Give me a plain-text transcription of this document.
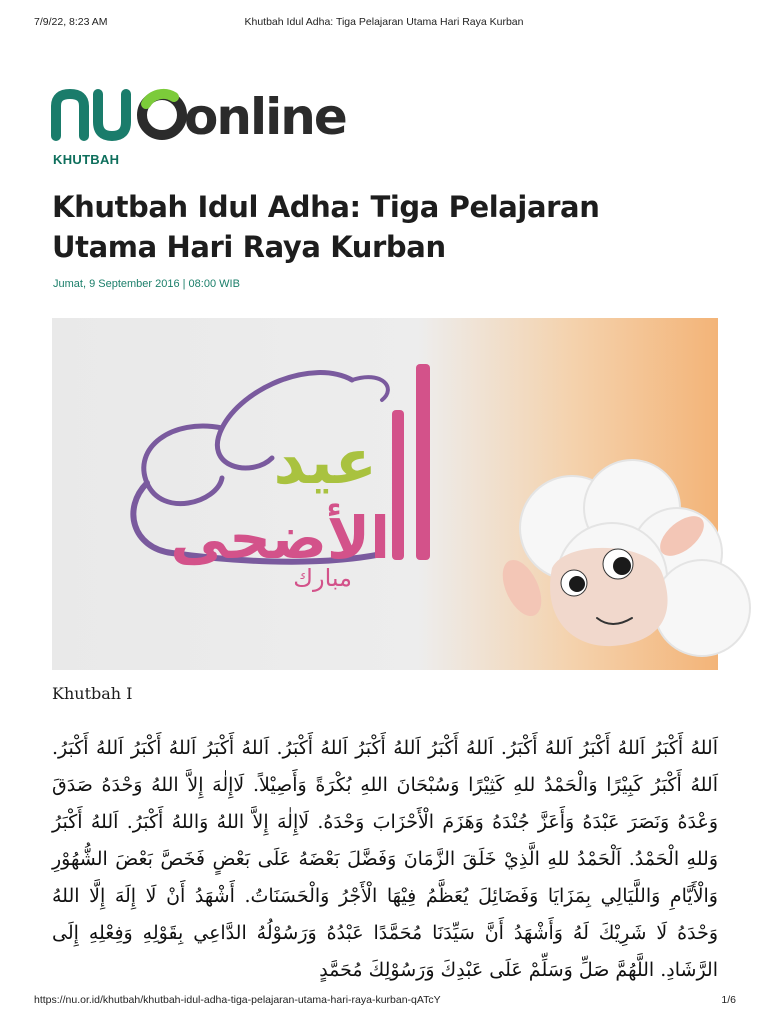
7/9/22, 8:23 AM	Khutbah Idul Adha: Tiga Pelajaran Utama Hari Raya Kurban
online
KHUTBAH
Khutbah Idul Adha: Tiga Pelajaran Utama Hari Raya Kurban
Jumat, 9 September 2016 | 08:00 WIB
عيد
الأضحى
مبارك
Khutbah I

اَللهُ أَكْبَرُ اَللهُ أَكْبَرُ اَللهُ أَكْبَرُ. اَللهُ أَكْبَرُ اَللهُ أَكْبَرُ اَللهُ أَكْبَرُ. اَللهُ أَكْبَرُ اَللهُ أَكْبَرُ اَللهُ أَكْبَرُ. اَللهُ أَكْبَرُ كَبِيْرًا وَالْحَمْدُ للهِ كَثِيْرًا وَسُبْحَانَ اللهِ بُكْرَةً وَأَصِيْلاً. لَاإِلٰهَ إِلاَّ اللهُ وَحْدَهُ صَدَقَ وَعْدَهُ وَنَصَرَ عَبْدَهُ وَأَعَزَّ جُنْدَهُ وَهَزَمَ الْأَحْزَابَ وَحْدَهُ. لَاإِلٰهَ إِلاَّ اللهُ وَاللهُ أَكْبَرُ. اَللهُ أَكْبَرُ وَللهِ الْحَمْدُ. اَلْحَمْدُ للهِ الَّذِيْ خَلَقَ الزَّمَانَ وَفَضَّلَ بَعْضَهُ عَلَى بَعْضٍ فَخَصَّ بَعْضَ الشُّهُوْرِ وَالْأَيَّامِ وَاللَّيَالِي بِمَزَايَا وَفَضَائِلَ يُعَظَّمُ فِيْهَا الْأَجْرُ وَالْحَسَنَاتُ. أَشْهَدُ أَنْ لَا إِلَهَ إِلَّا اللهُ وَحْدَهُ لَا شَرِيْكَ لَهُ وَأَشْهَدُ أَنَّ سَيِّدَنَا مُحَمَّدًا عَبْدُهُ وَرَسُوْلُهُ الدَّاعِي بِقَوْلِهِ وَفِعْلِهِ إِلَى الرَّشَادِ. اللَّهُمَّ صَلِّ وَسَلِّمْ عَلَى عَبْدِكَ وَرَسُوْلِكَ مُحَمَّدٍ

https://nu.or.id/khutbah/khutbah-idul-adha-tiga-pelajaran-utama-hari-raya-kurban-qATcY	1/6
